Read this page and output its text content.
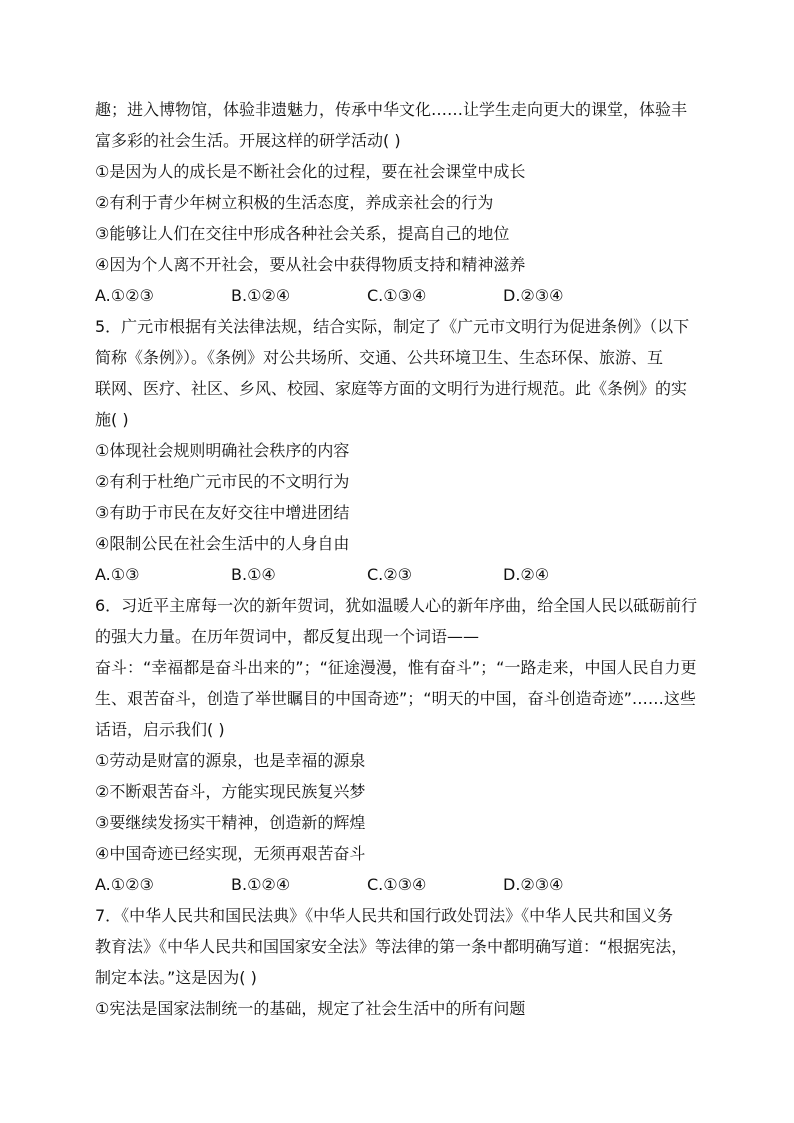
趣；进入博物馆，体验非遗魅力，传承中华文化……让学生走向更大的课堂，体验丰
富多彩的社会生活。开展这样的研学活动( )
①是因为人的成长是不断社会化的过程，要在社会课堂中成长
②有利于青少年树立积极的生活态度，养成亲社会的行为
③能够让人们在交往中形成各种社会关系，提高自己的地位
④因为个人离不开社会，要从社会中获得物质支持和精神滋养
A.①②③	B.①②④	C.①③④	D.②③④
5．广元市根据有关法律法规，结合实际，制定了《广元市文明行为促进条例》（以下
简称《条例》）。《条例》对公共场所、交通、公共环境卫生、生态环保、旅游、互
联网、医疗、社区、乡风、校园、家庭等方面的文明行为进行规范。此《条例》的实
施( )
①体现社会规则明确社会秩序的内容
②有利于杜绝广元市民的不文明行为
③有助于市民在友好交往中增进团结
④限制公民在社会生活中的人身自由
A.①③	B.①④	C.②③	D.②④
6．习近平主席每一次的新年贺词，犹如温暖人心的新年序曲，给全国人民以砥砺前行
的强大力量。在历年贺词中，都反复出现一个词语——
奋斗：“幸福都是奋斗出来的”；“征途漫漫，惟有奋斗”；“一路走来，中国人民自力更
生、艰苦奋斗，创造了举世瞩目的中国奇迹”；“明天的中国，奋斗创造奇迹”……这些
话语，启示我们( )
①劳动是财富的源泉，也是幸福的源泉
②不断艰苦奋斗，方能实现民族复兴梦
③要继续发扬实干精神，创造新的辉煌
④中国奇迹已经实现，无须再艰苦奋斗
A.①②③	B.①②④	C.①③④	D.②③④
7．《中华人民共和国民法典》《中华人民共和国行政处罚法》《中华人民共和国义务
教育法》《中华人民共和国国家安全法》等法律的第一条中都明确写道：“根据宪法，
制定本法。”这是因为( )
①宪法是国家法制统一的基础，规定了社会生活中的所有问题
